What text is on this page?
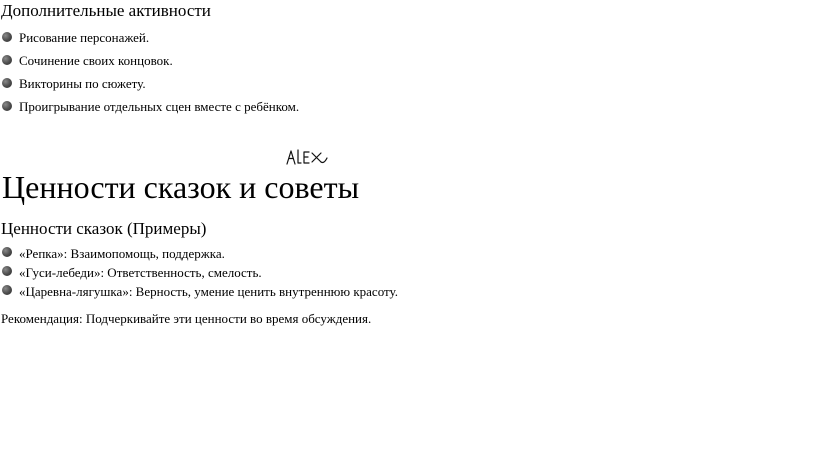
Дополнительные активности
Рисование персонажей.
Сочинение своих концовок.
Викторины по сюжету.
Проигрывание отдельных сцен вместе с ребёнком.
Ценности сказок и советы
Ценности сказок (Примеры)
«Репка»: Взаимопомощь, поддержка.
«Гуси-лебеди»: Ответственность, смелость.
«Царевна-лягушка»: Верность, умение ценить внутреннюю красоту.
Рекомендация: Подчеркивайте эти ценности во время обсуждения.
